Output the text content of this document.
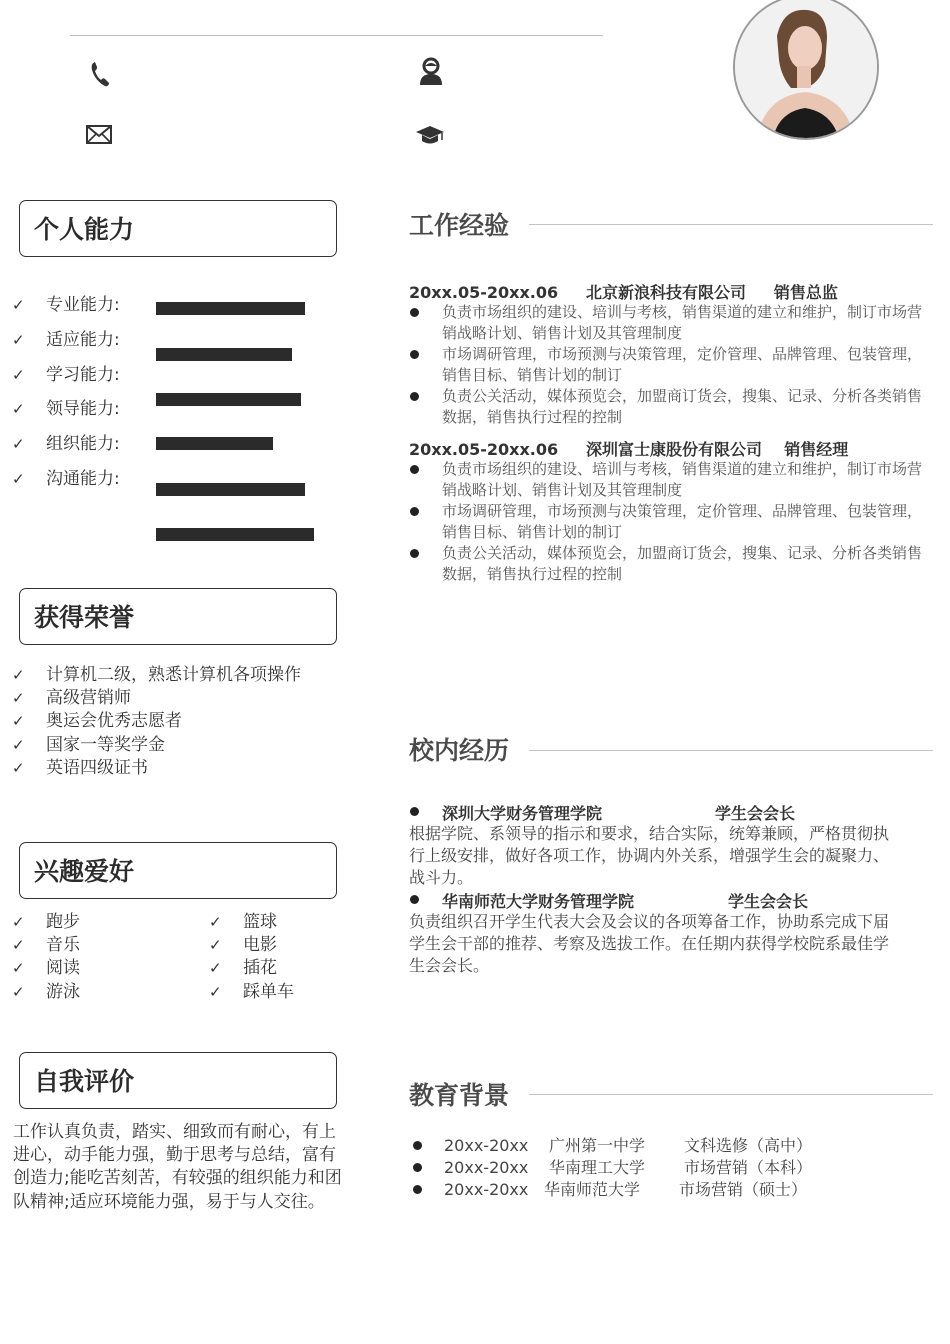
个人能力
✓ 专业能力:
✓ 适应能力:
✓ 学习能力:
✓ 领导能力:
✓ 组织能力:
✓ 沟通能力:
获得荣誉
✓ 计算机二级，熟悉计算机各项操作
✓ 高级营销师
✓ 奥运会优秀志愿者
✓ 国家一等奖学金
✓ 英语四级证书
兴趣爱好
✓ 跑步
✓ 音乐
✓ 阅读
✓ 游泳
✓ 篮球
✓ 电影
✓ 插花
✓ 踩单车
自我评价
工作认真负责，踏实、细致而有耐心，有上进心，动手能力强，勤于思考与总结，富有创造力;能吃苦刻苦，有较强的组织能力和团队精神;适应环境能力强，易于与人交往。
工作经验
20xx.05-20xx.06     北京新浪科技有限公司     销售总监
负责市场组织的建设、培训与考核，销售渠道的建立和维护，制订市场营销战略计划、销售计划及其管理制度
市场调研管理，市场预测与决策管理，定价管理、品牌管理、包装管理，销售目标、销售计划的制订
负责公关活动，媒体预览会，加盟商订货会，搜集、记录、分析各类销售数据，销售执行过程的控制
20xx.05-20xx.06     深圳富士康股份有限公司    销售经理
负责市场组织的建设、培训与考核，销售渠道的建立和维护，制订市场营销战略计划、销售计划及其管理制度
市场调研管理，市场预测与决策管理，定价管理、品牌管理、包装管理，销售目标、销售计划的制订
负责公关活动，媒体预览会，加盟商订货会，搜集、记录、分析各类销售数据，销售执行过程的控制
校内经历
深圳大学财务管理学院	学生会会长
根据学院、系领导的指示和要求，结合实际，统筹兼顾，严格贯彻执行上级安排，做好各项工作，协调内外关系，增强学生会的凝聚力、战斗力。
华南师范大学财务管理学院	学生会会长
负责组织召开学生代表大会及会议的各项筹备工作，协助系完成下届学生会干部的推荐、考察及选拔工作。在任期内获得学校院系最佳学生会会长。
教育背景
20xx-20xx 广州第一中学 文科选修（高中）
20xx-20xx 华南理工大学 市场营销（本科）
20xx-20xx 华南师范大学 市场营销（硕士）
